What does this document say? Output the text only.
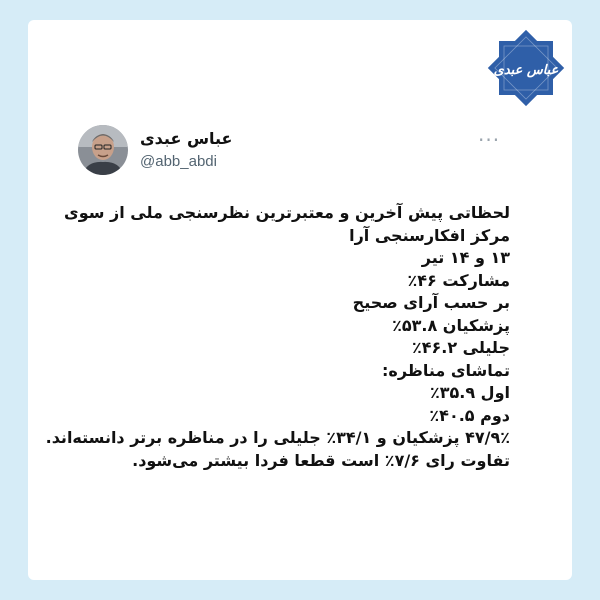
عباس عبدی
عباس عبدی
@abb_abdi
···
لحظاتی پیش آخرین و معتبرترین نظرسنجی ملی از سوی مرکز افکارسنجی آرا
۱۳ و ۱۴ تیر
مشارکت ۴۶٪
بر حسب آرای صحیح
پزشکیان ۵۳.۸٪
جلیلی ۴۶.۲٪
تماشای مناظره:
اول ۳۵.۹٪
دوم ۴۰.۵٪
۴۷/۹٪ پزشکیان و ۳۴/۱٪ جلیلی را در مناظره برتر دانسته‌اند.
تفاوت رای ۷/۶٪ است قطعا فردا بیشتر می‌شود.
